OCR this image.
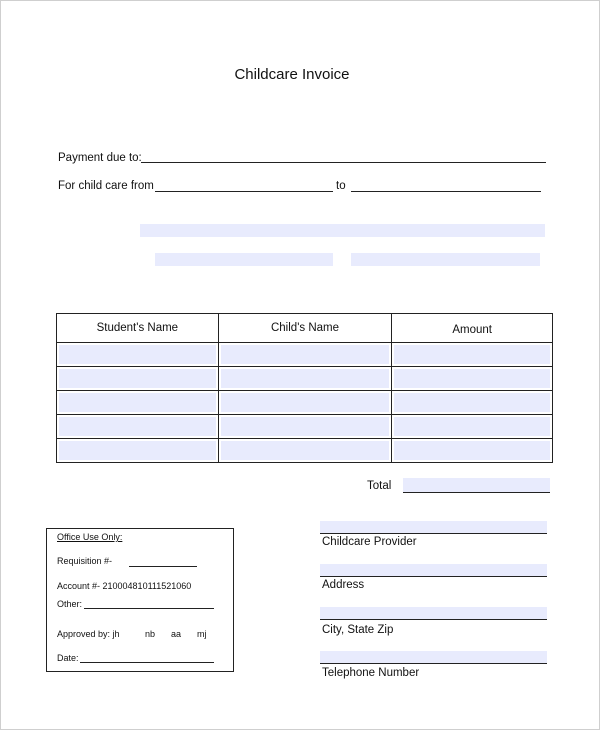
Childcare Invoice
Payment due to:
For child care from	to
Student's Name	Child's Name	Amount

Total
Office Use Only:
Requisition #-
Account #- 210004810111521060
Other:
Approved by: jh	nb aa mj
Date:
Childcare Provider
Address
City, State Zip
Telephone Number
